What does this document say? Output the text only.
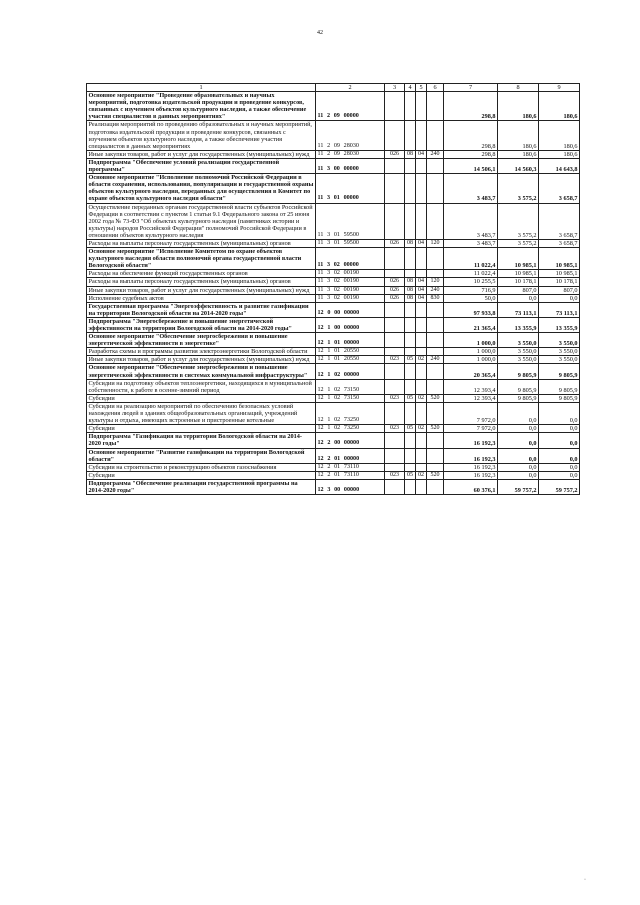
42
1	2	3	4	5	6	7	8	9
Основное мероприятие "Проведение образовательных и научных мероприятий, подготовка издательской продукции и проведение конкурсов, связанных с изучением объектов культурного наследия, а также обеспечение участия специалистов в данных мероприятиях"	11 2 09 00000					298,8	180,6	180,6
Реализация мероприятий по проведению образовательных и научных мероприятий, подготовка издательской продукции и проведение конкурсов, связанных с изучением объектов культурного наследия, а также обеспечение участия специалистов в данных мероприятиях	11 2 09 28030					298,8	180,6	180,6
Иные закупки товаров, работ и услуг для государственных (муниципальных) нужд	11 2 09 28030	026	08	04	240	298,8	180,6	180,6
Подпрограмма "Обеспечение условий реализации государственной программы"	11 3 00 00000					14 506,1	14 560,3	14 643,8
Основное мероприятие "Исполнение полномочий Российской Федерации в области сохранения, использования, популяризации и государственной охраны объектов культурного наследия, переданных для осуществления в Комитет по охране объектов культурного наследия области"	11 3 01 00000					3 483,7	3 575,2	3 658,7
Осуществление переданных органам государственной власти субъектов Российской Федерации в соответствии с пунктом 1 статьи 9.1 Федерального закона от 25 июня 2002 года № 73-ФЗ "Об объектах культурного наследия (памятниках истории и культуры) народов Российской Федерации" полномочий Российской Федерации в отношении объектов культурного наследия	11 3 01 59500					3 483,7	3 575,2	3 658,7
Расходы на выплаты персоналу государственных (муниципальных) органов	11 3 01 59500	026	08	04	120	3 483,7	3 575,2	3 658,7
Основное мероприятие "Исполнение Комитетом по охране объектов культурного наследия области полномочий органа государственной власти Вологодской области"	11 3 02 00000					11 022,4	10 985,1	10 985,1
Расходы на обеспечение функций государственных органов	11 3 02 00190					11 022,4	10 985,1	10 985,1
Расходы на выплаты персоналу государственных (муниципальных) органов	11 3 02 00190	026	08	04	120	10 255,5	10 178,1	10 178,1
Иные закупки товаров, работ и услуг для государственных (муниципальных) нужд	11 3 02 00190	026	08	04	240	716,9	807,0	807,0
Исполнение судебных актов	11 3 02 00190	026	08	04	830	50,0	0,0	0,0
Государственная программа "Энергоэффективность и развитие газификации на территории Вологодской области на 2014-2020 годы"	12 0 00 00000					97 933,8	73 113,1	73 113,1
Подпрограмма "Энергосбережение и повышение энергетической эффективности на территории Вологодской области на 2014-2020 годы"	12 1 00 00000					21 365,4	13 355,9	13 355,9
Основное мероприятие "Обеспечение энергосбережения и повышение энергетической эффективности в энергетике"	12 1 01 00000					1 000,0	3 550,0	3 550,0
Разработка схемы и программы развития электроэнергетики Вологодской области	12 1 01 20550					1 000,0	3 550,0	3 550,0
Иные закупки товаров, работ и услуг для государственных (муниципальных) нужд	12 1 01 20550	023	05	02	240	1 000,0	3 550,0	3 550,0
Основное мероприятие "Обеспечение энергосбережения и повышение энергетической эффективности в системах коммунальной инфраструктуры"	12 1 02 00000					20 365,4	9 805,9	9 805,9
Субсидии на подготовку объектов теплоэнергетики, находящихся в муниципальной собственности, к работе в осенне-зимний период	12 1 02 73150					12 393,4	9 805,9	9 805,9
Субсидии	12 1 02 73150	023	05	02	520	12 393,4	9 805,9	9 805,9
Субсидии на реализацию мероприятий по обеспечению безопасных условий нахождения людей в зданиях общеобразовательных организаций, учреждений культуры и отдыха, имеющих встроенные и пристроенные котельные	12 1 02 73250					7 972,0	0,0	0,0
Субсидии	12 1 02 73250	023	05	02	520	7 972,0	0,0	0,0
Подпрограмма "Газификация на территории Вологодской области на 2014-2020 годы"	12 2 00 00000					16 192,3	0,0	0,0
Основное мероприятие "Развитие газификации на территории Вологодской области"	12 2 01 00000					16 192,3	0,0	0,0
Субсидии на строительство и реконструкцию объектов газоснабжения	12 2 01 73110					16 192,3	0,0	0,0
Субсидии	12 2 01 73110	023	05	02	520	16 192,3	0,0	0,0
Подпрограмма "Обеспечение реализации государственной программы на 2014-2020 годы"	12 3 00 00000					60 376,1	59 757,2	59 757,2
·
